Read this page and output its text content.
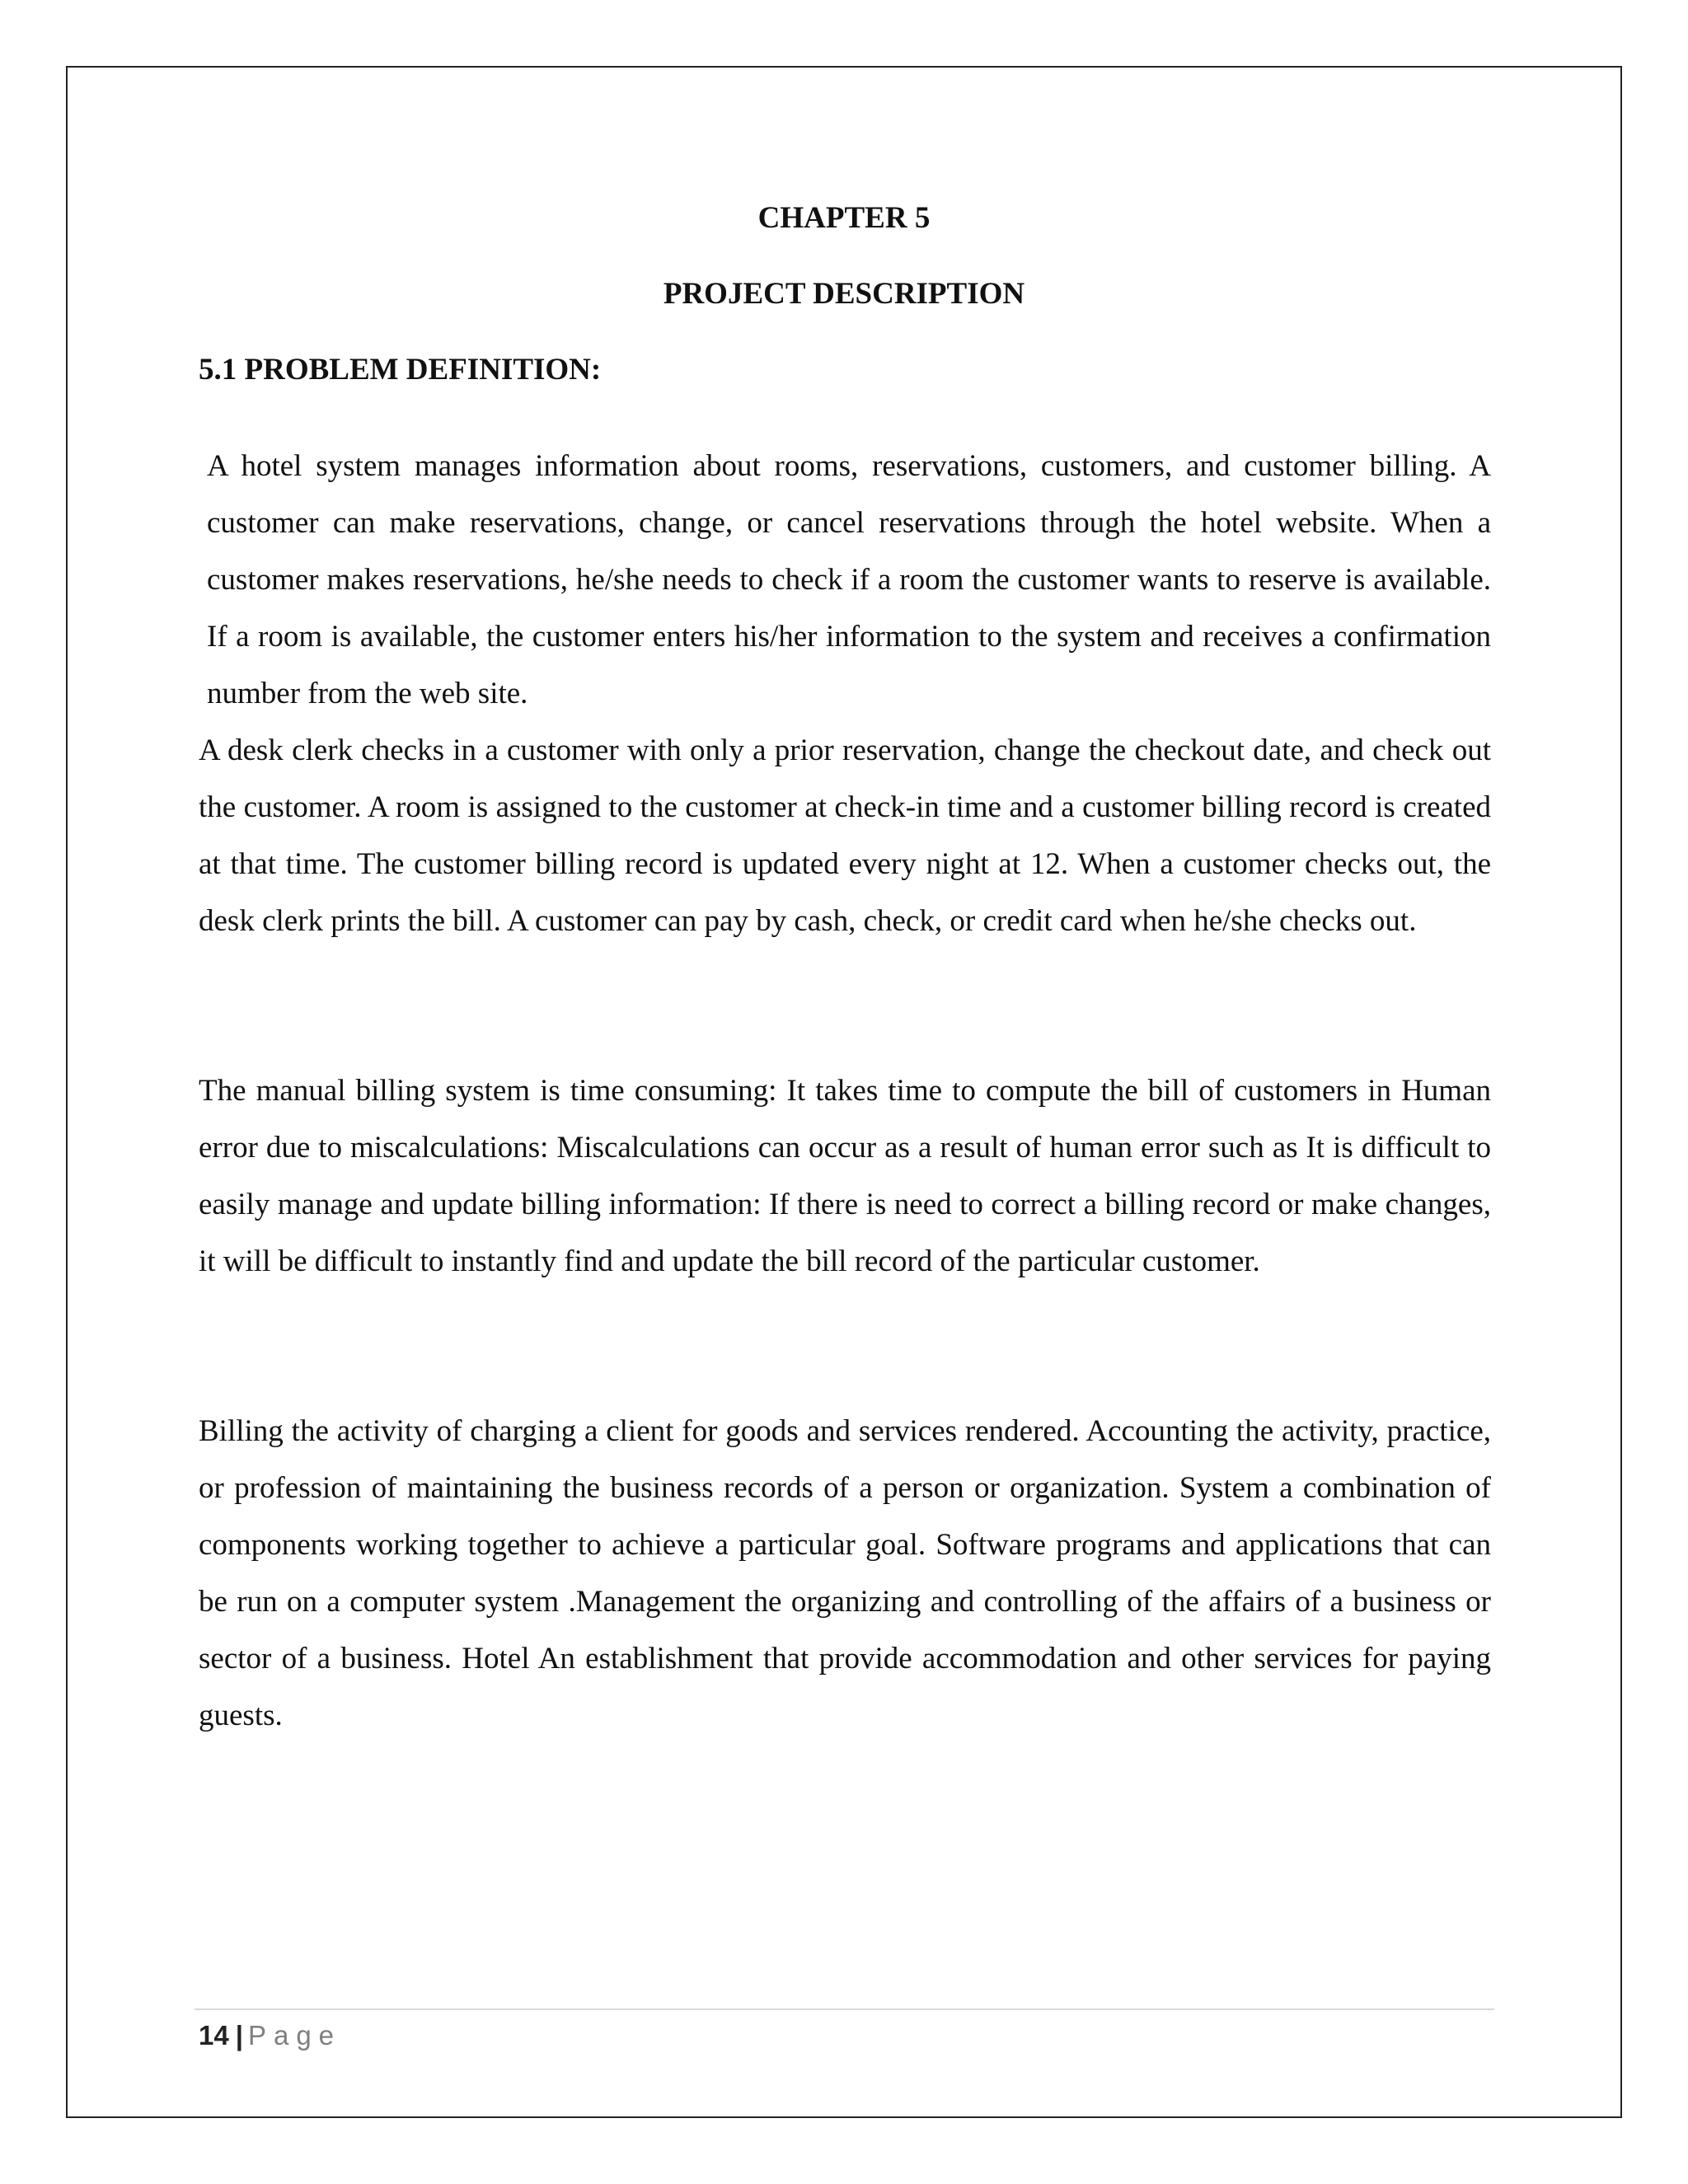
CHAPTER 5
PROJECT DESCRIPTION
5.1 PROBLEM DEFINITION:

A hotel system manages information about rooms, reservations, customers, and customer billing. A customer can make reservations, change, or cancel reservations through the hotel website. When a customer makes reservations, he/she needs to check if a room the customer wants to reserve is available. If a room is available, the customer enters his/her information to the system and receives a confirmation number from the web site.

A desk clerk checks in a customer with only a prior reservation, change the checkout date, and check out the customer. A room is assigned to the customer at check-in time and a customer billing record is created at that time. The customer billing record is updated every night at 12. When a customer checks out, the desk clerk prints the bill. A customer can pay by cash, check, or credit card when he/she checks out.

The manual billing system is time consuming: It takes time to compute the bill of customers in Human error due to miscalculations: Miscalculations can occur as a result of human error such as It is difficult to easily manage and update billing information: If there is need to correct a billing record or make changes, it will be difficult to instantly find and update the bill record of the particular customer.

Billing the activity of charging a client for goods and services rendered. Accounting the activity, practice, or profession of maintaining the business records of a person or organization. System a combination of components working together to achieve a particular goal. Software programs and applications that can be run on a computer system .Management the organizing and controlling of the affairs of a business or sector of a business. Hotel An establishment that provide accommodation and other services for paying guests.

14 | Page
